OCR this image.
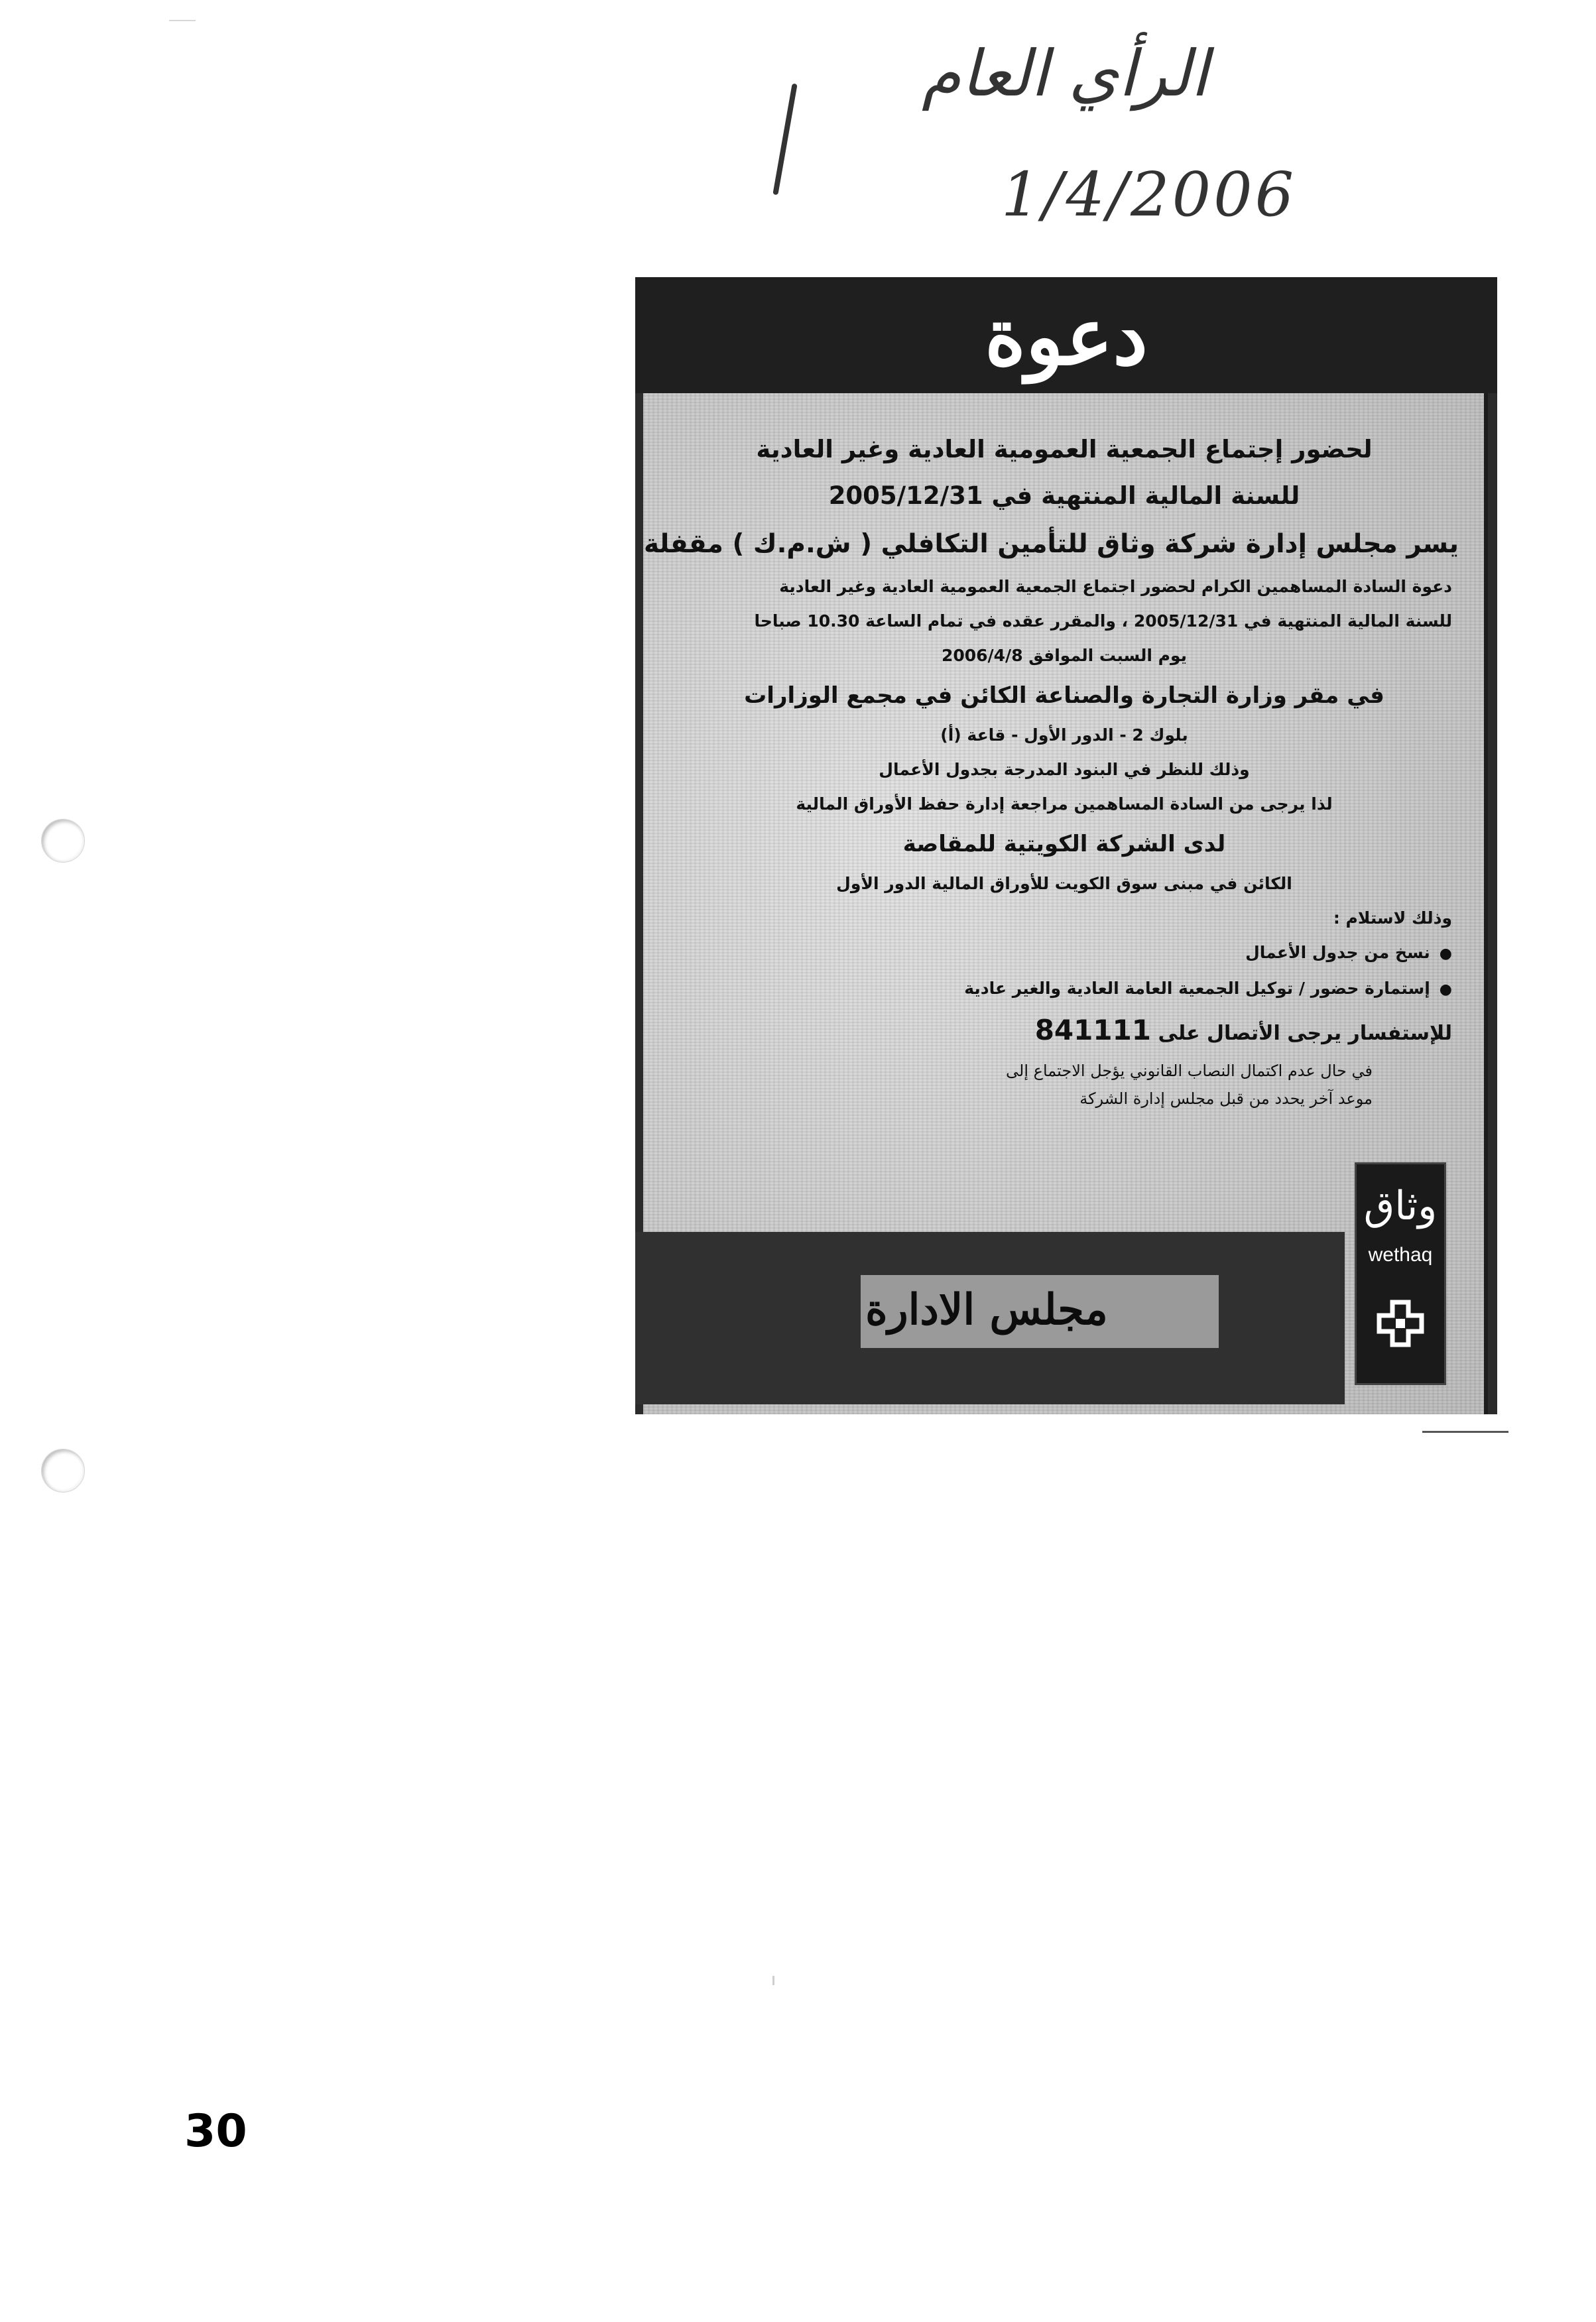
الرأي العام
1/4/2006
دعوة
لحضور إجتماع الجمعية العمومية العادية وغير العادية
للسنة المالية المنتهية في 2005/12/31
يسر مجلس إدارة شركة وثاق للتأمين التكافلي ( ش.م.ك ) مقفلة
دعوة السادة المساهمين الكرام لحضور اجتماع الجمعية العمومية العادية وغير العادية
للسنة المالية المنتهية في 2005/12/31 ، والمقرر عقده في تمام الساعة 10.30 صباحا
يوم السبت الموافق 2006/4/8
في مقر وزارة التجارة والصناعة الكائن في مجمع الوزارات
بلوك 2 - الدور الأول - قاعة (أ)
وذلك للنظر في البنود المدرجة بجدول الأعمال
لذا يرجى من السادة المساهمين مراجعة إدارة حفظ الأوراق المالية
لدى الشركة الكويتية للمقاصة
الكائن في مبنى سوق الكويت للأوراق المالية الدور الأول
وذلك لاستلام :
● نسخ من جدول الأعمال
● إستمارة حضور / توكيل الجمعية العامة العادية والغير عادية
للإستفسار يرجى الأتصال على 841111
في حال عدم اكتمال النصاب القانوني يؤجل الاجتماع إلى
موعد آخر يحدد من قبل مجلس إدارة الشركة
مجلس الادارة
وثاق
wethaq
30
